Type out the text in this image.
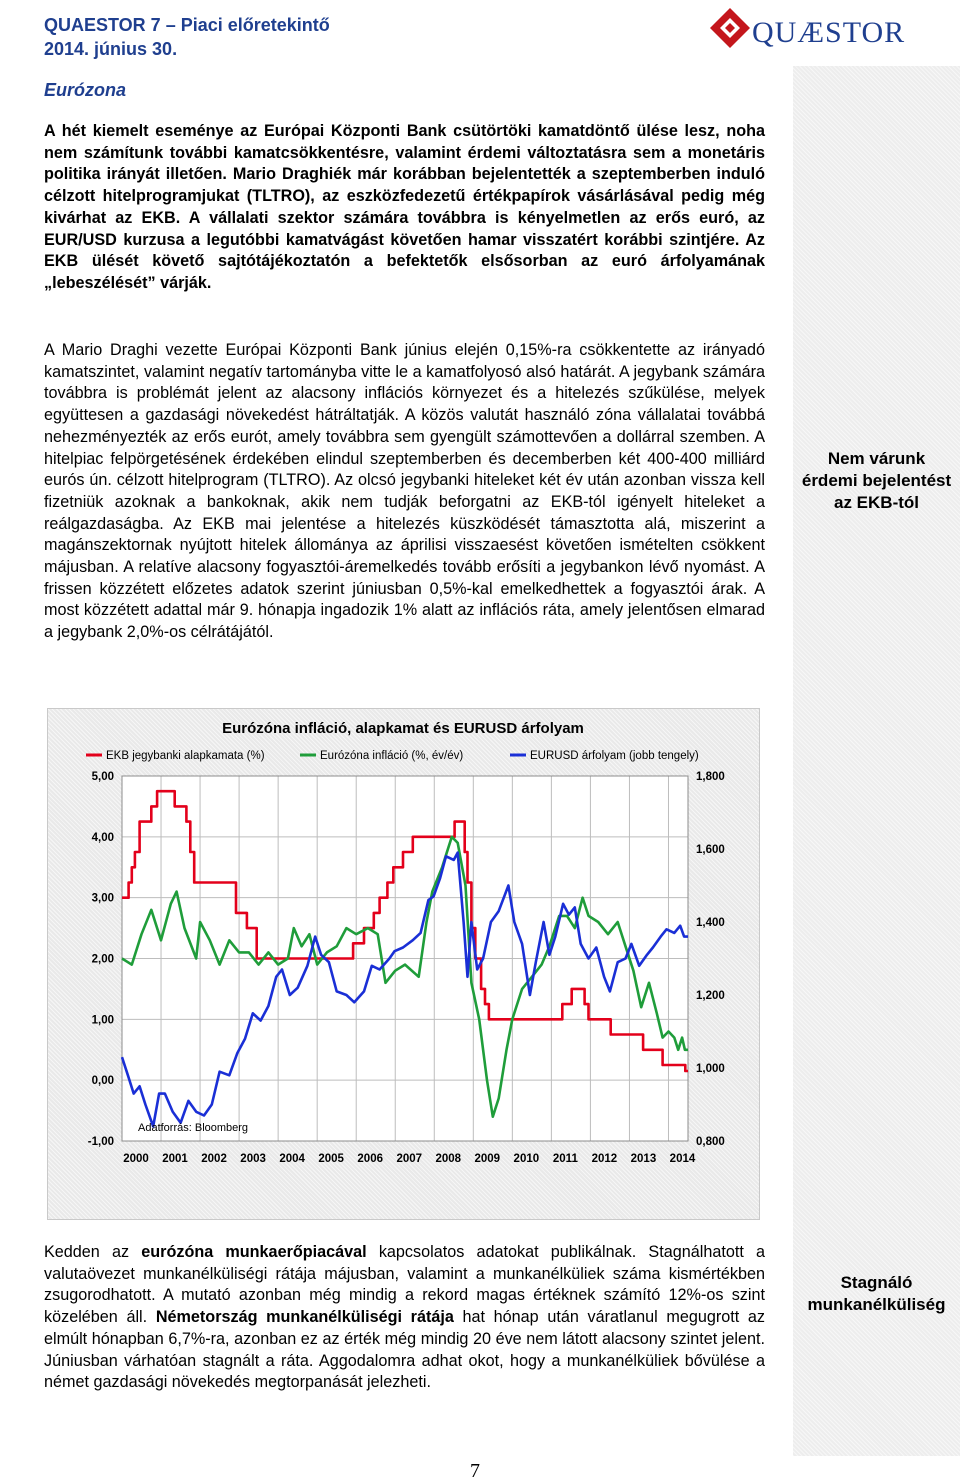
QUAESTOR 7 – Piaci előretekintő
2014. június 30.	QUÆSTOR
Eurózona
Nem várunk érdemi bejelentést az EKB-tól
Stagnáló munkanélküliség

A hét kiemelt eseménye az Európai Központi Bank csütörtöki kamatdöntő ülése lesz, noha nem számítunk további kamatcsökkentésre, valamint érdemi változtatásra sem a monetáris politika irányát illetően. Mario Draghiék már korábban bejelentették a szeptemberben induló célzott hitelprogramjukat (TLTRO), az eszközfedezetű értékpapírok vásárlásával pedig még kivárhat az EKB. A vállalati szektor számára továbbra is kényelmetlen az erős euró, az EUR/USD kurzusa a legutóbbi kamatvágást követően hamar visszatért korábbi szintjére. Az EKB ülését követő sajtótájékoztatón a befektetők elsősorban az euró árfolyamának „lebeszélését” várják.

A Mario Draghi vezette Európai Központi Bank június elején 0,15%-ra csökkentette az irányadó kamatszintet, valamint negatív tartományba vitte le a kamatfolyosó alsó határát. A jegybank számára továbbra is problémát jelent az alacsony inflációs környezet és a hitelezés szűkülése, melyek együttesen a gazdasági növekedést hátráltatják. A közös valutát használó zóna vállalatai továbbá nehezményezték az erős eurót, amely továbbra sem gyengült számottevően a dollárral szemben. A hitelpiac felpörgetésének érdekében elindul szeptemberben és decemberben két 400-400 milliárd eurós ún. célzott hitelprogram (TLTRO). Az olcsó jegybanki hiteleket két év után azonban vissza kell fizetniük azoknak a bankoknak, akik nem tudják beforgatni az EKB-tól igényelt hiteleket a reálgazdaságba. Az EKB mai jelentése a hitelezés küszködését támasztotta alá, miszerint a magánszektornak nyújtott hitelek állománya az áprilisi visszaesést követően ismételten csökkent májusban. A relatíve alacsony fogyasztói-áremelkedés tovább erősíti a jegybankon lévő nyomást. A frissen közzétett előzetes adatok szerint júniusban 0,5%-kal emelkedhettek a fogyasztói árak. A most közzétett adattal már 9. hónapja ingadozik 1% alatt az inflációs ráta, amely jelentősen elmarad a jegybank 2,0%-os célrátájától.

Eurózóna infláció, alapkamat és EURUSD árfolyam
EKB jegybanki alapkamata (%)	Eurózóna infláció (%, év/év)	EURUSD árfolyam (jobb tengely)
-1,00
0,00
1,00
2,00
3,00
4,00
5,00
0,800
1,000
1,200
1,400
1,600
1,800
2000 2001 2002 2003 2004 2005 2006 2007 2008 2009 2010 2011 2012 2013 2014
Adatforrás: Bloomberg

Kedden az eurózóna munkaerőpiacával kapcsolatos adatokat publikálnak. Stagnálhatott a valutaövezet munkanélküliségi rátája májusban, valamint a munkanélküliek száma kismértékben zsugorodhatott. A mutató azonban még mindig a rekord magas értéknek számító 12%-os szint közelében áll. Németország munkanélküliségi rátája hat hónap után váratlanul megugrott az elmúlt hónapban 6,7%-ra, azonban ez az érték még mindig 20 éve nem látott alacsony szintet jelent. Júniusban várhatóan stagnált a ráta. Aggodalomra adhat okot, hogy a munkanélküliek bővülése a német gazdasági növekedés megtorpanását jelezheti.

7
